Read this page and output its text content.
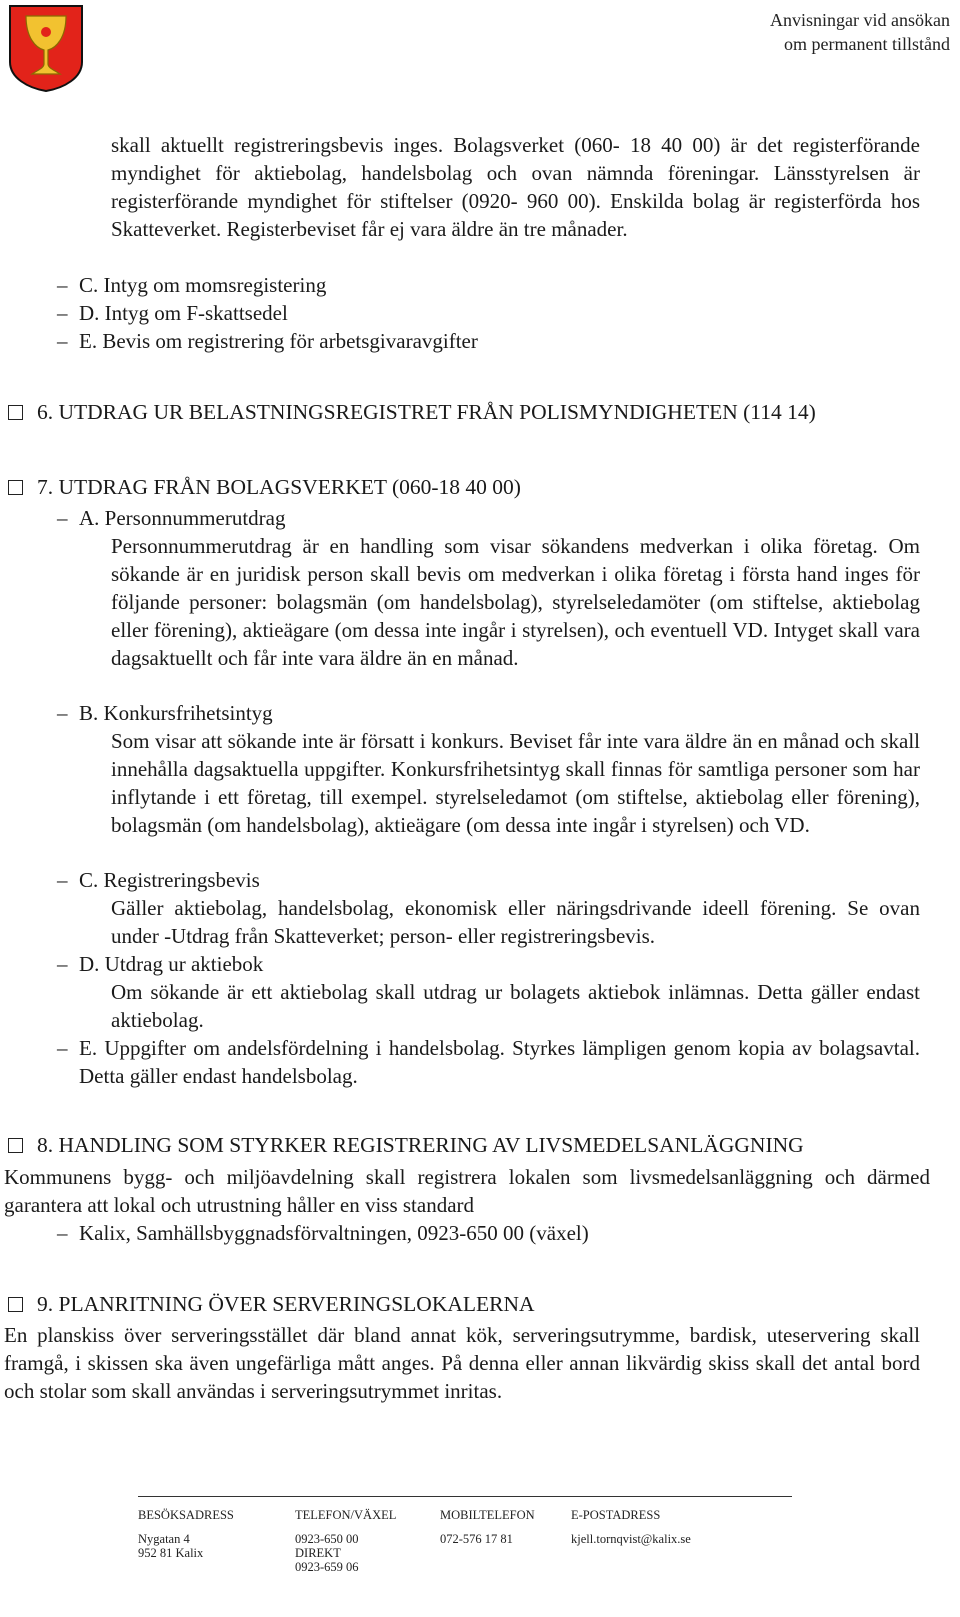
Anvisningar vid ansökan
om permanent tillstånd
skall aktuellt registreringsbevis inges. Bolagsverket (060- 18 40 00) är det registerförande myndighet för aktiebolag, handelsbolag och ovan nämnda föreningar. Länsstyrelsen är registerförande myndighet för stiftelser (0920- 960 00). Enskilda bolag är registerförda hos Skatteverket. Registerbeviset får ej vara äldre än tre månader.
– C. Intyg om momsregistering
– D. Intyg om F-skattsedel
– E. Bevis om registrering för arbetsgivaravgifter
6. UTDRAG UR BELASTNINGSREGISTRET FRÅN POLISMYNDIGHETEN (114 14)
7. UTDRAG FRÅN BOLAGSVERKET (060-18 40 00)
– A. Personnummerutdrag
Personnummerutdrag är en handling som visar sökandens medverkan i olika företag. Om sökande är en juridisk person skall bevis om medverkan i olika företag i första hand inges för följande personer: bolagsmän (om handelsbolag), styrelseledamöter (om stiftelse, aktiebolag eller förening), aktieägare (om dessa inte ingår i styrelsen), och eventuell VD. Intyget skall vara dagsaktuellt och får inte vara äldre än en månad.
– B. Konkursfrihetsintyg
Som visar att sökande inte är försatt i konkurs. Beviset får inte vara äldre än en månad och skall innehålla dagsaktuella uppgifter. Konkursfrihetsintyg skall finnas för samtliga personer som har inflytande i ett företag, till exempel. styrelseledamot (om stiftelse, aktiebolag eller förening), bolagsmän (om handelsbolag), aktieägare (om dessa inte ingår i styrelsen) och VD.
– C. Registreringsbevis
Gäller aktiebolag, handelsbolag, ekonomisk eller näringsdrivande ideell förening. Se ovan under -Utdrag från Skatteverket; person- eller registreringsbevis.
– D. Utdrag ur aktiebok
Om sökande är ett aktiebolag skall utdrag ur bolagets aktiebok inlämnas. Detta gäller endast aktiebolag.
– E. Uppgifter om andelsfördelning i handelsbolag. Styrkes lämpligen genom kopia av bolagsavtal. Detta gäller endast handelsbolag.
8. HANDLING SOM STYRKER REGISTRERING AV LIVSMEDELSANLÄGGNING
Kommunens bygg- och miljöavdelning skall registrera lokalen som livsmedelsanläggning och därmed garantera att lokal och utrustning håller en viss standard
– Kalix, Samhällsbyggnadsförvaltningen, 0923-650 00 (växel)
9. PLANRITNING ÖVER SERVERINGSLOKALERNA
En planskiss över serveringsstället där bland annat kök, serveringsutrymme, bardisk, uteservering skall framgå, i skissen ska även ungefärliga mått anges. På denna eller annan likvärdig skiss skall det antal bord och stolar som skall användas i serveringsutrymmet inritas.
BESÖKSADRESS
Nygatan 4
952 81 Kalix
TELEFON/VÄXEL
0923-650 00
DIREKT
0923-659 06
MOBILTELEFON
072-576 17 81
E-POSTADRESS
kjell.tornqvist@kalix.se
